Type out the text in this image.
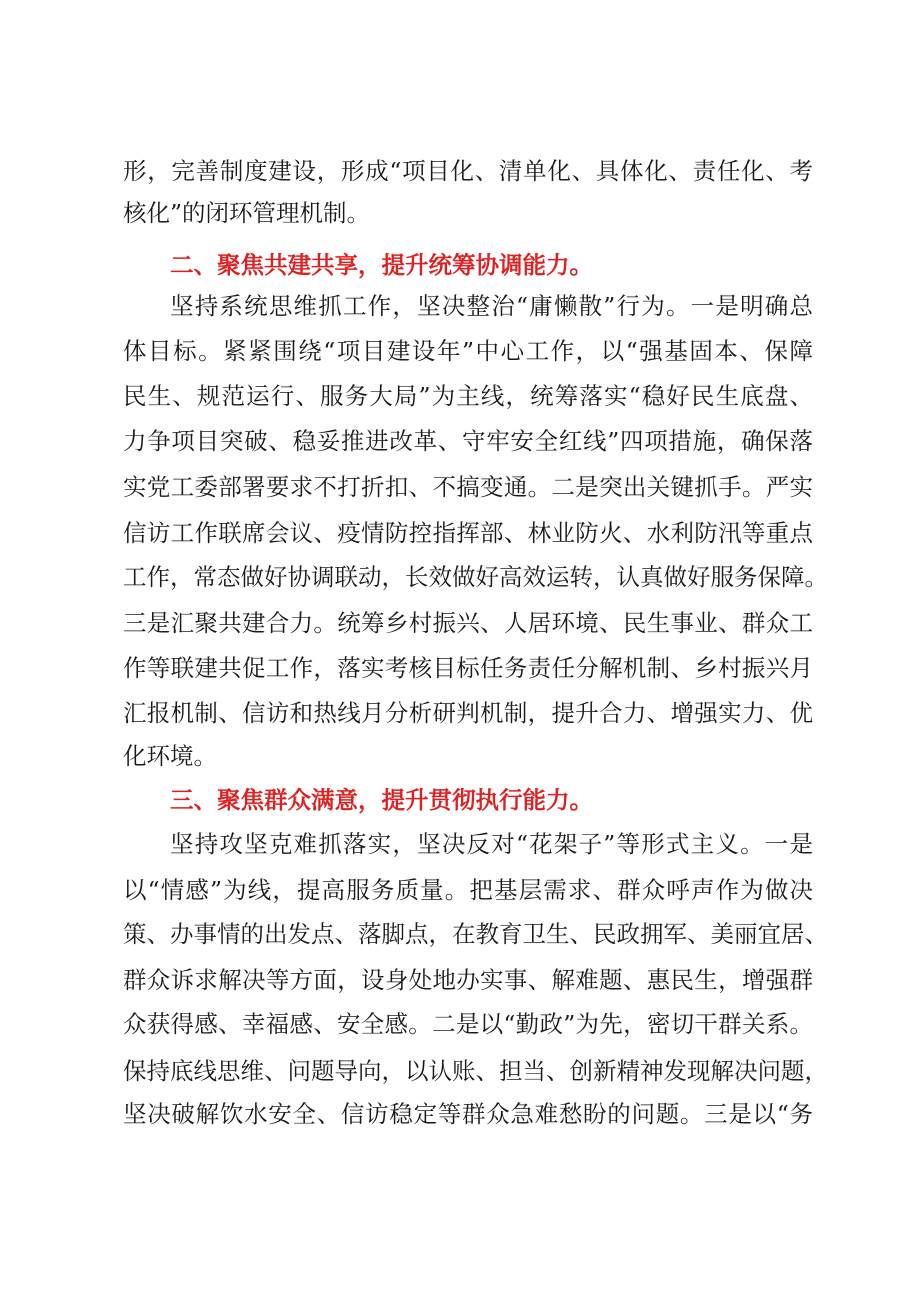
形，完善制度建设，形成“项目化、清单化、具体化、责任化、考
核化”的闭环管理机制。
二、聚焦共建共享，提升统筹协调能力。
坚持系统思维抓工作，坚决整治“庸懒散”行为。一是明确总
体目标。紧紧围绕“项目建设年”中心工作，以“强基固本、保障
民生、规范运行、服务大局”为主线，统筹落实“稳好民生底盘、
力争项目突破、稳妥推进改革、守牢安全红线”四项措施，确保落
实党工委部署要求不打折扣、不搞变通。二是突出关键抓手。严实
信访工作联席会议、疫情防控指挥部、林业防火、水利防汛等重点
工作，常态做好协调联动，长效做好高效运转，认真做好服务保障。
三是汇聚共建合力。统筹乡村振兴、人居环境、民生事业、群众工
作等联建共促工作，落实考核目标任务责任分解机制、乡村振兴月
汇报机制、信访和热线月分析研判机制，提升合力、增强实力、优
化环境。
三、聚焦群众满意，提升贯彻执行能力。
坚持攻坚克难抓落实，坚决反对“花架子”等形式主义。一是
以“情感”为线，提高服务质量。把基层需求、群众呼声作为做决
策、办事情的出发点、落脚点，在教育卫生、民政拥军、美丽宜居、
群众诉求解决等方面，设身处地办实事、解难题、惠民生，增强群
众获得感、幸福感、安全感。二是以“勤政”为先，密切干群关系。
保持底线思维、问题导向，以认账、担当、创新精神发现解决问题，
坚决破解饮水安全、信访稳定等群众急难愁盼的问题。三是以“务
